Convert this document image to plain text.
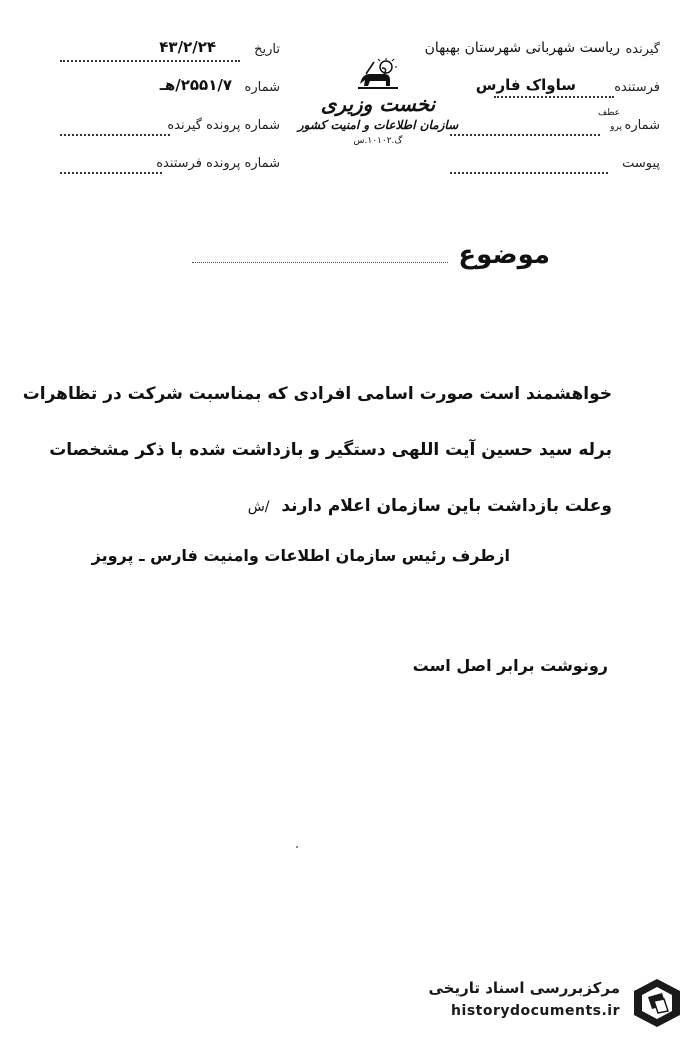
گیرنده
ریاست شهربانی شهرستان بهبهان
فرستنده
ساواک فارس
شماره
عطف
پرو
پیوست
تاریخ
۴۳/۲/۲۴
شماره
۲۵۵۱/۷/هـ
شماره پرونده گیرنده
شماره پرونده فرستنده
نخست وزیری
سازمان اطلاعات و امنیت کشور
گ.۱۰۱۰۲.س
موضوع

خواهشمند است صورت اسامی افرادی که بمناسبت شرکت در تظاهرات

برله سید حسین آیت اللهی دستگیر و بازداشت شده با ذکر مشخصات

وعلت بازداشت باین سازمان اعلام دارند  /ش

ازطرف رئیس سازمان اطلاعات وامنیت فارس ـ پرویز
رونوشت برابر اصل است
مرکزبررسی اسناد تاریخی
historydocuments.ir
